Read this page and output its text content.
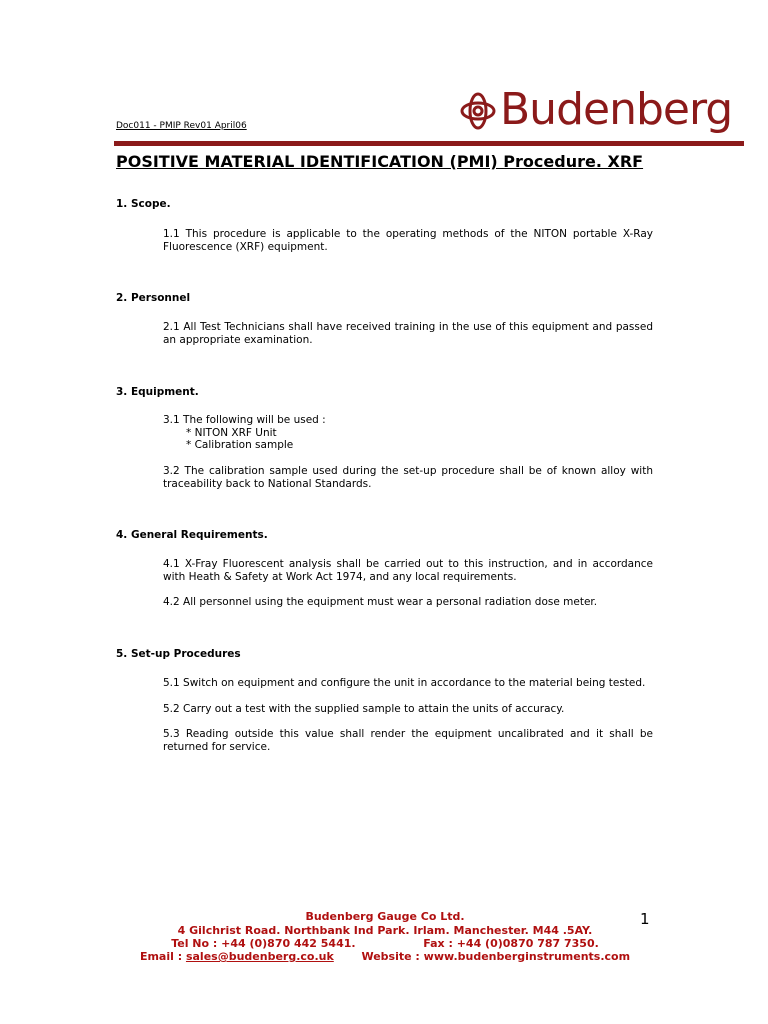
Doc011 - PMIP Rev01 April06	Budenberg
POSITIVE MATERIAL IDENTIFICATION (PMI) Procedure. XRF
1. Scope.
1.1 This procedure is applicable to the operating methods of the NITON portable X-Ray Fluorescence (XRF) equipment.
2. Personnel
2.1 All Test Technicians shall have received training in the use of this equipment and passed an appropriate examination.
3. Equipment.
3.1 The following will be used :
* NITON XRF Unit
* Calibration sample
3.2 The calibration sample used during the set-up procedure shall be of known alloy with traceability back to National Standards.
4. General Requirements.
4.1 X-Fray Fluorescent analysis shall be carried out to this instruction, and in accordance with Heath & Safety at Work Act 1974, and any local requirements.
4.2 All personnel using the equipment must wear a personal radiation dose meter.
5. Set-up Procedures
5.1 Switch on equipment and configure the unit in accordance to the material being tested.
5.2 Carry out a test with the supplied sample to attain the units of accuracy.
5.3 Reading outside this value shall render the equipment uncalibrated and it shall be returned for service.
Budenberg Gauge Co Ltd.
4 Gilchrist Road. Northbank Ind Park. Irlam. Manchester. M44 .5AY.
Tel No : +44 (0)870 442 5441.	Fax : +44 (0)0870 787 7350.
Email : sales@budenberg.co.uk	Website : www.budenberginstruments.com
1
